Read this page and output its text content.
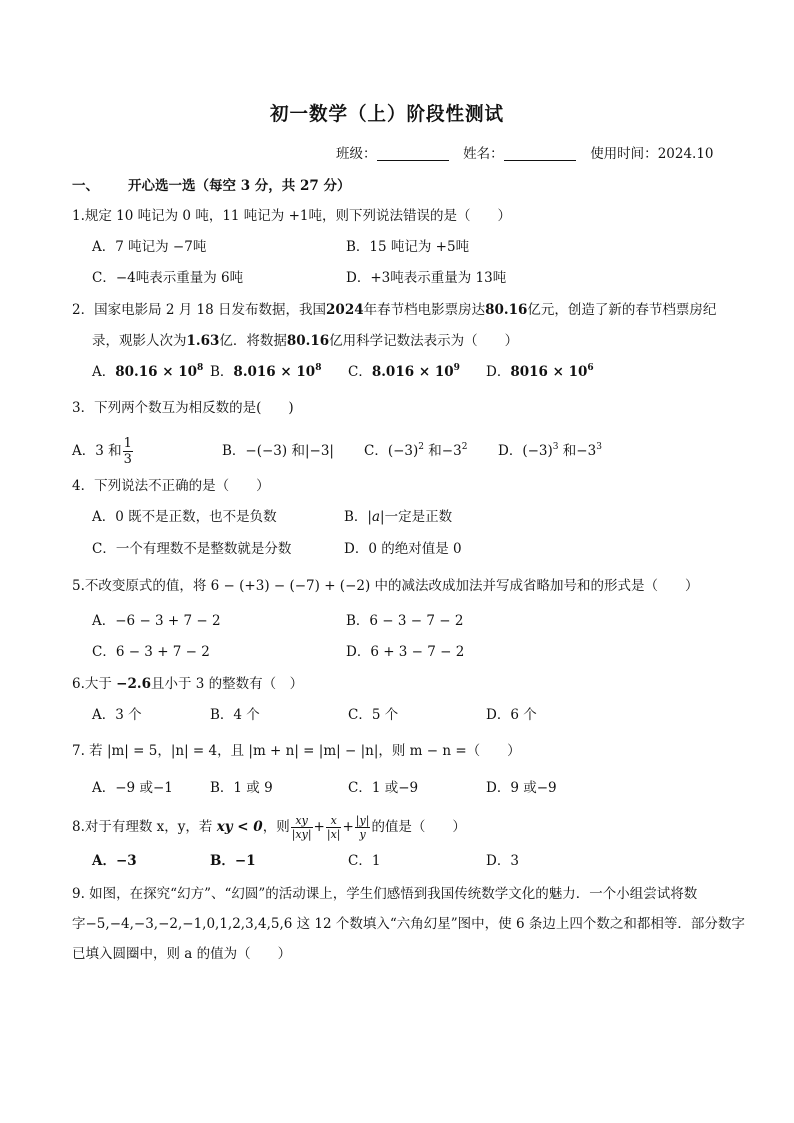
初一数学（上）阶段性测试
班级：	姓名：	使用时间：2024.10
一、 开心选一选（每空 3 分，共 27 分）
1.规定 10 吨记为 0 吨，11 吨记为 +1吨，则下列说法错误的是（　　）
A．7 吨记为 −7吨	B．15 吨记为 +5吨
C．−4吨表示重量为 6吨	D．+3吨表示重量为 13吨
2．国家电影局 2 月 18 日发布数据，我国2024年春节档电影票房达80.16亿元，创造了新的春节档票房纪
录，观影人次为1.63亿．将数据80.16亿用科学记数法表示为（　　）
A．$80.16 \times 10^8$ B．$8.016 \times 10^8$ C．$8.016 \times 10^9$ D．$8016 \times 10^6$
3．下列两个数互为相反数的是(　　)
A．3 和 $\frac{1}{3}$	B．−(−3) 和|−3| C．$(-3)^2$ 和$-3^2$ D．$(-3)^3$ 和$-3^3$
4．下列说法不正确的是（　　）
A．0 既不是正数，也不是负数	B．|a|一定是正数
C．一个有理数不是整数就是分数	D．0 的绝对值是 0
5.不改变原式的值，将 6 − (+3) − (−7) + (−2) 中的减法改成加法并写成省略加号和的形式是（　　）
A．−6 − 3 + 7 − 2	B．6 − 3 − 7 − 2
C．6 − 3 + 7 − 2	D．6 + 3 − 7 − 2
6.大于 −2.6且小于 3 的整数有（　）
A．3 个	B．4 个	C．5 个	D．6 个
7. 若 |m| = 5，|n| = 4，且 |m + n| = |m| − |n|，则 m − n =（　　）
A．−9 或−1	B．1 或 9	C．1 或−9	D．9 或−9
8.对于有理数 x，y，若 xy < 0，则 $\frac{xy}{|xy|} + \frac{x}{|x|} + \frac{|y|}{y}$ 的值是（　　）
A．−3	B．−1	C．1	D．3
9. 如图，在探究“幻方”、“幻圆”的活动课上，学生们感悟到我国传统数学文化的魅力．一个小组尝试将数
字−5,−4,−3,−2,−1,0,1,2,3,4,5,6 这 12 个数填入“六角幻星”图中，使 6 条边上四个数之和都相等．部分数字
已填入圆圈中，则 a 的值为（　　）
